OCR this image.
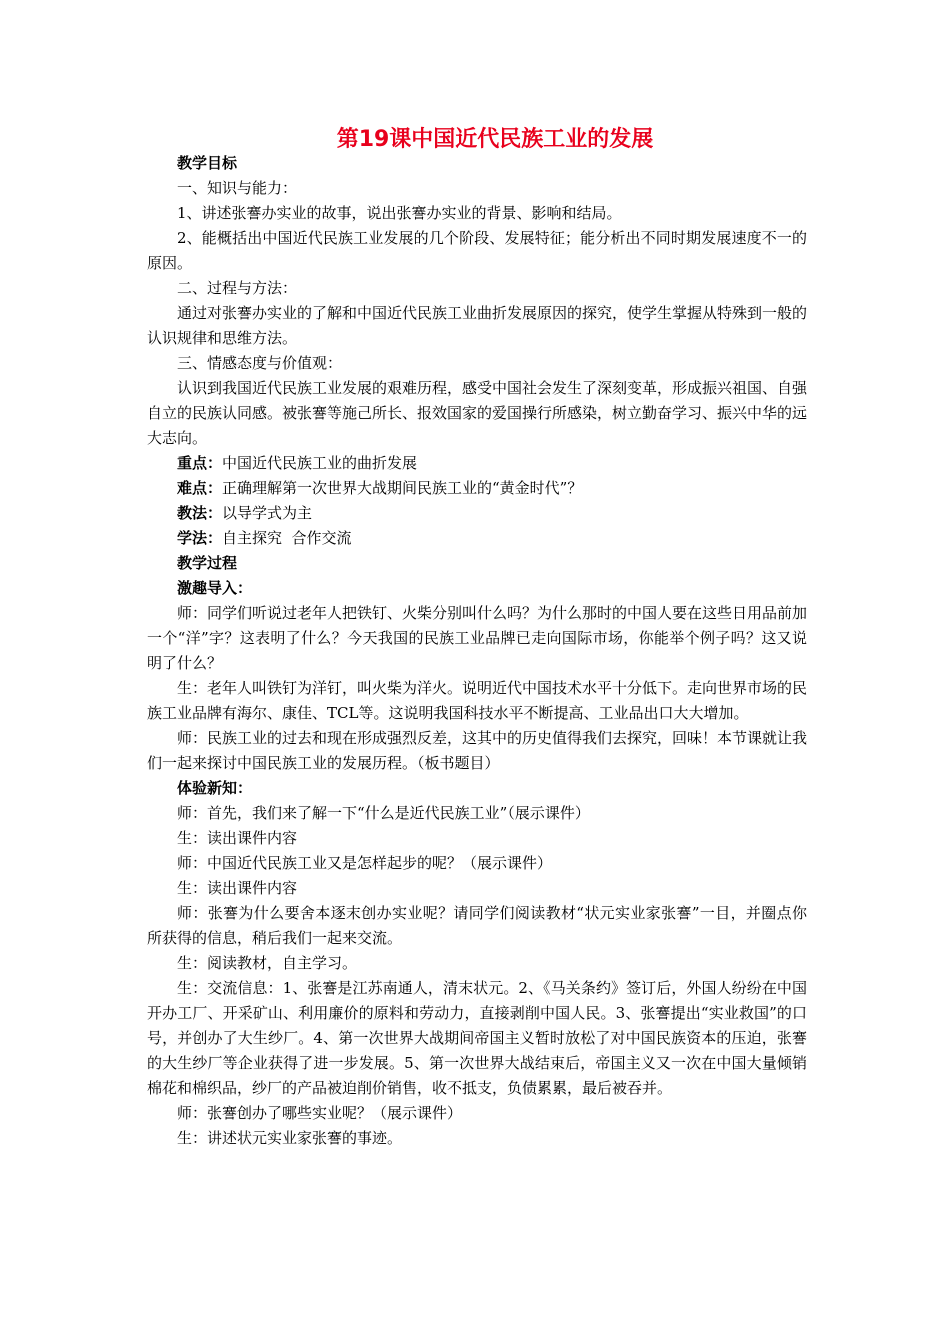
第19课中国近代民族工业的发展

教学目标

一、知识与能力：

1、讲述张謇办实业的故事，说出张謇办实业的背景、影响和结局。

2、能概括出中国近代民族工业发展的几个阶段、发展特征；能分析出不同时期发展速度不一的原因。

二、过程与方法：

通过对张謇办实业的了解和中国近代民族工业曲折发展原因的探究，使学生掌握从特殊到一般的认识规律和思维方法。

三、情感态度与价值观：

认识到我国近代民族工业发展的艰难历程，感受中国社会发生了深刻变革，形成振兴祖国、自强自立的民族认同感。被张謇等施己所长、报效国家的爱国操行所感染，树立勤奋学习、振兴中华的远大志向。

重点：中国近代民族工业的曲折发展

难点：正确理解第一次世界大战期间民族工业的“黄金时代”？

教法：以导学式为主

学法：自主探究  合作交流

教学过程

激趣导入：

师：同学们听说过老年人把铁钉、火柴分别叫什么吗？为什么那时的中国人要在这些日用品前加一个“洋”字？这表明了什么？今天我国的民族工业品牌已走向国际市场，你能举个例子吗？这又说明了什么？

生：老年人叫铁钉为洋钉，叫火柴为洋火。说明近代中国技术水平十分低下。走向世界市场的民族工业品牌有海尔、康佳、TCL等。这说明我国科技水平不断提高、工业品出口大大增加。

师：民族工业的过去和现在形成强烈反差，这其中的历史值得我们去探究，回味！本节课就让我们一起来探讨中国民族工业的发展历程。（板书题目）

体验新知：

师：首先，我们来了解一下“什么是近代民族工业”（展示课件）

生：读出课件内容

师：中国近代民族工业又是怎样起步的呢？（展示课件）

生：读出课件内容

师：张謇为什么要舍本逐末创办实业呢？请同学们阅读教材“状元实业家张謇”一目，并圈点你所获得的信息，稍后我们一起来交流。

生：阅读教材，自主学习。

生：交流信息：1、张謇是江苏南通人，清末状元。2、《马关条约》签订后，外国人纷纷在中国开办工厂、开采矿山、利用廉价的原料和劳动力，直接剥削中国人民。3、张謇提出“实业救国”的口号，并创办了大生纱厂。4、第一次世界大战期间帝国主义暂时放松了对中国民族资本的压迫，张謇的大生纱厂等企业获得了进一步发展。5、第一次世界大战结束后，帝国主义又一次在中国大量倾销棉花和棉织品，纱厂的产品被迫削价销售，收不抵支，负债累累，最后被吞并。

师：张謇创办了哪些实业呢？（展示课件）

生：讲述状元实业家张謇的事迹。
